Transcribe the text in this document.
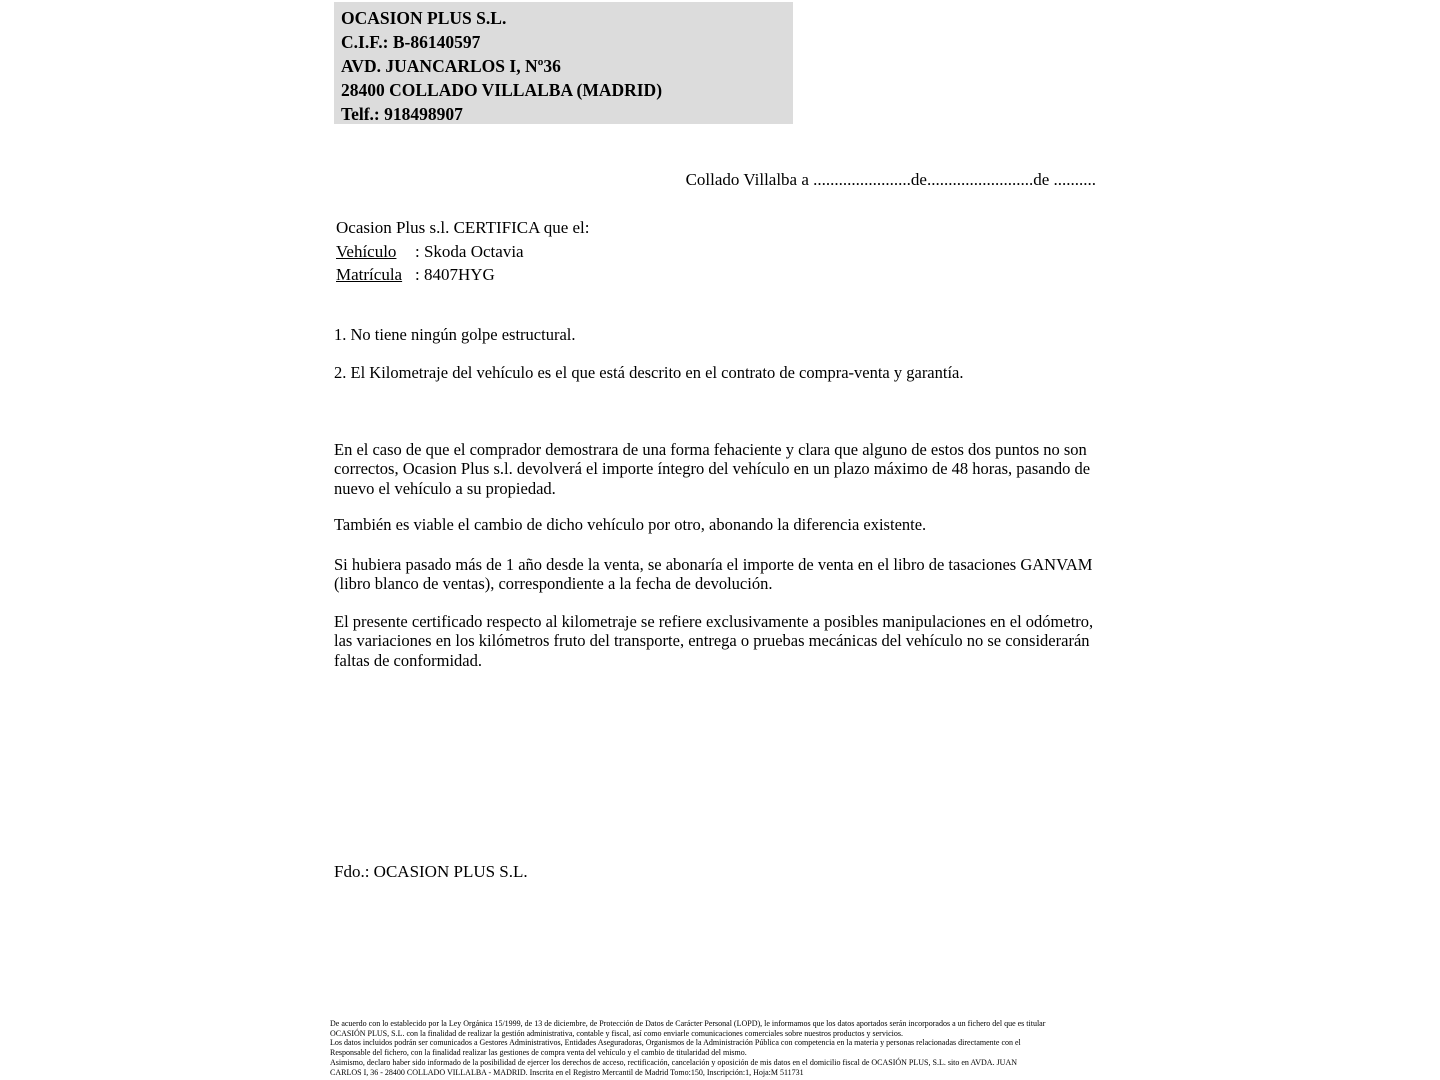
OCASION PLUS S.L.
C.I.F.: B-86140597
AVD. JUANCARLOS I, Nº36
28400 COLLADO VILLALBA (MADRID)
Telf.: 918498907
Collado Villalba a .......................de.........................de ..........
Ocasion Plus s.l. CERTIFICA que el:
Vehículo : Skoda Octavia
Matrícula : 8407HYG

1. No tiene ningún golpe estructural.

2. El Kilometraje del vehículo es el que está descrito en el contrato de compra-venta y garantía.

En el caso de que el comprador demostrara de una forma fehaciente y clara que alguno de estos dos puntos no son correctos, Ocasion Plus s.l. devolverá el importe íntegro del vehículo en un plazo máximo de 48 horas, pasando de nuevo el vehículo a su propiedad.

También es viable el cambio de dicho vehículo por otro, abonando la diferencia existente.

Si hubiera pasado más de 1 año desde la venta, se abonaría el importe de venta en el libro de tasaciones GANVAM (libro blanco de ventas), correspondiente a la fecha de devolución.

El presente certificado respecto al kilometraje se refiere exclusivamente a posibles manipulaciones en el odómetro, las variaciones en los kilómetros fruto del transporte, entrega o pruebas mecánicas del vehículo no se considerarán faltas de conformidad.

Fdo.: OCASION PLUS S.L.
De acuerdo con lo establecido por la Ley Orgánica 15/1999, de 13 de diciembre, de Protección de Datos de Carácter Personal (LOPD), le informamos que los datos aportados serán incorporados a un fichero del que es titular
OCASIÓN PLUS, S.L. con la finalidad de realizar la gestión administrativa, contable y fiscal, así como enviarle comunicaciones comerciales sobre nuestros productos y servicios.
Los datos incluidos podrán ser comunicados a Gestores Administrativos, Entidades Aseguradoras, Organismos de la Administración Pública con competencia en la materia y personas relacionadas directamente con el
Responsable del fichero, con la finalidad realizar las gestiones de compra venta del vehículo y el cambio de titularidad del mismo.
Asimismo, declaro haber sido informado de la posibilidad de ejercer los derechos de acceso, rectificación, cancelación y oposición de mis datos en el domicilio fiscal de OCASIÓN PLUS, S.L. sito en AVDA. JUAN
CARLOS I, 36 - 28400 COLLADO VILLALBA - MADRID. Inscrita en el Registro Mercantil de Madrid Tomo:150, Inscripción:1, Hoja:M 511731
